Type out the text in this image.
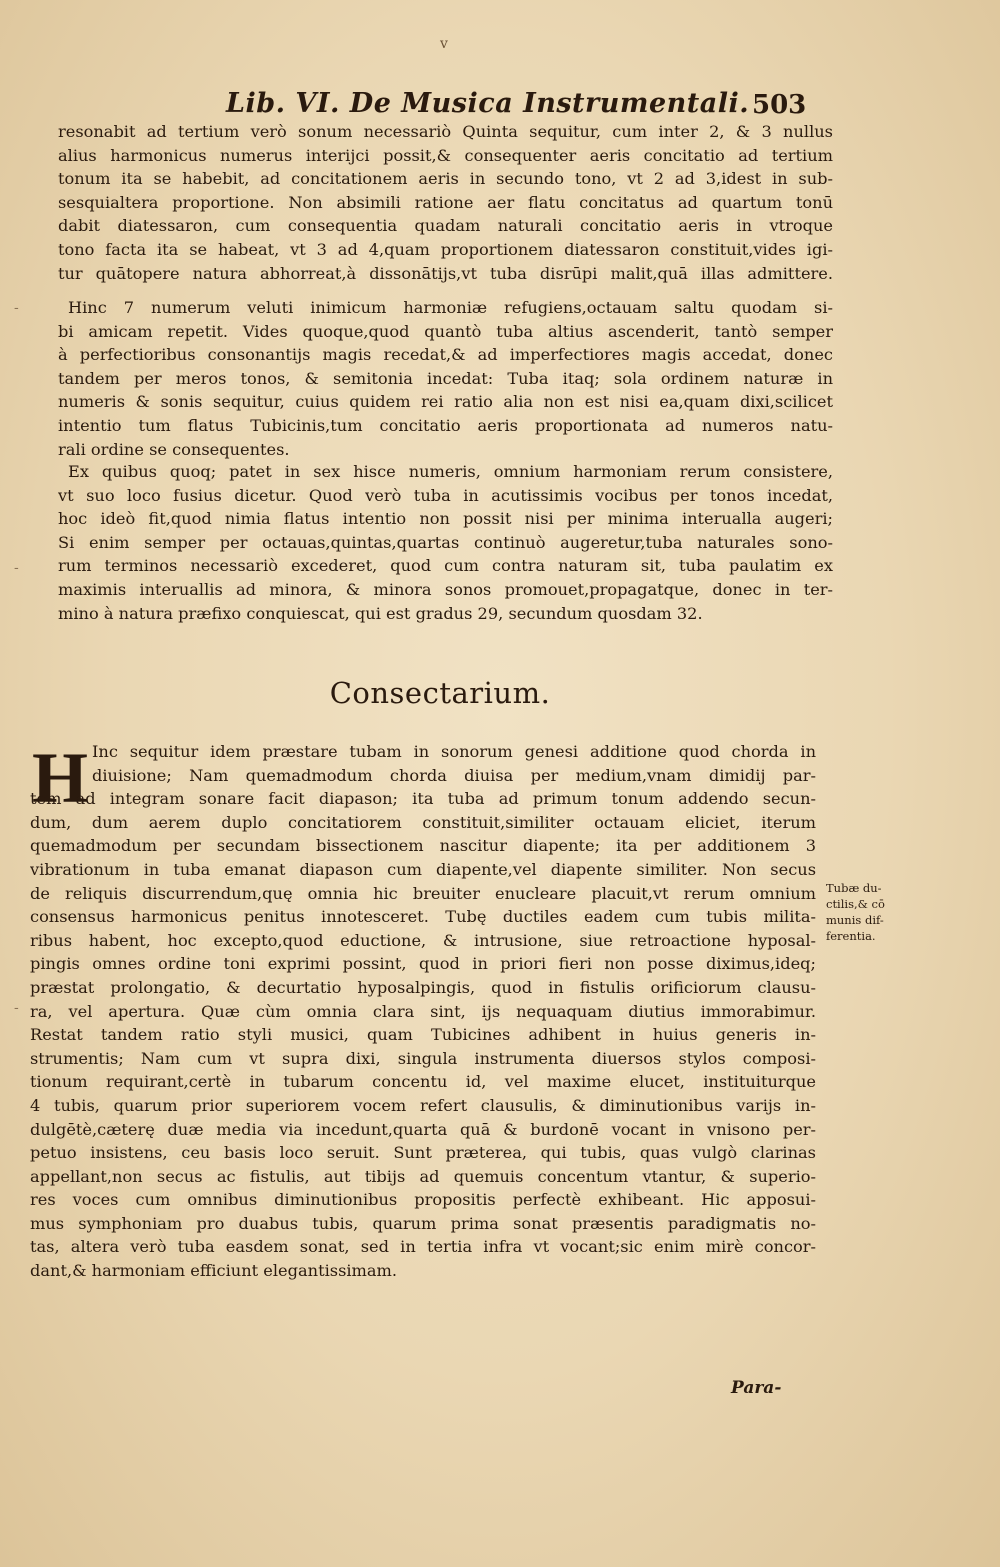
v
Lib. VI. De Musica Instrumentali. 503
resonabit ad tertium verò sonum necessariò Quinta sequitur, cum inter 2, & 3 nullus
alius harmonicus numerus interijci possit,& consequenter aeris concitatio ad tertium
tonum ita se habebit, ad concitationem aeris in secundo tono, vt 2 ad 3,idest in sub-
sesquialtera proportione. Non absimili ratione aer flatu concitatus ad quartum tonū
dabit diatessaron, cum consequentia quadam naturali concitatio aeris in vtroque
tono facta ita se habeat, vt 3 ad 4,quam proportionem diatessaron constituit,vides igi-
tur quātopere natura abhorreat,à dissonātijs,vt tuba disrūpi malit,quā illas admittere.
Hinc 7 numerum veluti inimicum harmoniæ refugiens,octauam saltu quodam si-
bi amicam repetit. Vides quoque,quod quantò tuba altius ascenderit, tantò semper
à perfectioribus consonantijs magis recedat,& ad imperfectiores magis accedat, donec
tandem per meros tonos, & semitonia incedat: Tuba itaq; sola ordinem naturæ in
numeris & sonis sequitur, cuius quidem rei ratio alia non est nisi ea,quam dixi,scilicet
intentio tum flatus Tubicinis,tum concitatio aeris proportionata ad numeros natu-
rali ordine se consequentes.
Ex quibus quoq; patet in sex hisce numeris, omnium harmoniam rerum consistere,
vt suo loco fusius dicetur. Quod verò tuba in acutissimis vocibus per tonos incedat,
hoc ideò fit,quod nimia flatus intentio non possit nisi per minima interualla augeri;
Si enim semper per octauas,quintas,quartas continuò augeretur,tuba naturales sono-
rum terminos necessariò excederet, quod cum contra naturam sit, tuba paulatim ex
maximis interuallis ad minora, & minora sonos promouet,propagatque, donec in ter-
mino à natura præfixo conquiescat, qui est gradus 29, secundum quosdam 32.
Consectarium.
H Inc sequitur idem præstare tubam in sonorum genesi additione quod chorda in
diuisione; Nam quemadmodum chorda diuisa per medium,vnam dimidij par-
tem ad integram sonare facit diapason; ita tuba ad primum tonum addendo secun-
dum, dum aerem duplo concitatiorem constituit,similiter octauam eliciet, iterum
quemadmodum per secundam bissectionem nascitur diapente; ita per additionem 3
vibrationum in tuba emanat diapason cum diapente,vel diapente similiter. Non secus
de reliquis discurrendum,quę omnia hic breuiter enucleare placuit,vt rerum omnium
consensus harmonicus penitus innotesceret. Tubę ductiles eadem cum tubis milita-
ribus habent, hoc excepto,quod eductione, & intrusione, siue retroactione hyposal-
pingis omnes ordine toni exprimi possint, quod in priori fieri non posse diximus,ideq;
præstat prolongatio, & decurtatio hyposalpingis, quod in fistulis orificiorum clausu-
ra, vel apertura. Quæ cùm omnia clara sint, ijs nequaquam diutius immorabimur.
Restat tandem ratio styli musici, quam Tubicines adhibent in huius generis in-
strumentis; Nam cum vt supra dixi, singula instrumenta diuersos stylos composi-
tionum requirant,certè in tubarum concentu id, vel maxime elucet, instituiturque
4 tubis, quarum prior superiorem vocem refert clausulis, & diminutionibus varijs in-
dulgētè,cæterę duæ media via incedunt,quarta quā & burdonē vocant in vnisono per-
petuo insistens, ceu basis loco seruit. Sunt præterea, qui tubis, quas vulgò clarinas
appellant,non secus ac fistulis, aut tibijs ad quemuis concentum vtantur, & superio-
res voces cum omnibus diminutionibus propositis perfectè exhibeant. Hic apposui-
mus symphoniam pro duabus tubis, quarum prima sonat præsentis paradigmatis no-
tas, altera verò tuba easdem sonat, sed in tertia infra vt vocant;sic enim mirè concor-
dant,& harmoniam efficiunt elegantissimam.
Tubæ du-
ctilis,& cō
munis dif-
ferentia.
Para-
-
-
-
